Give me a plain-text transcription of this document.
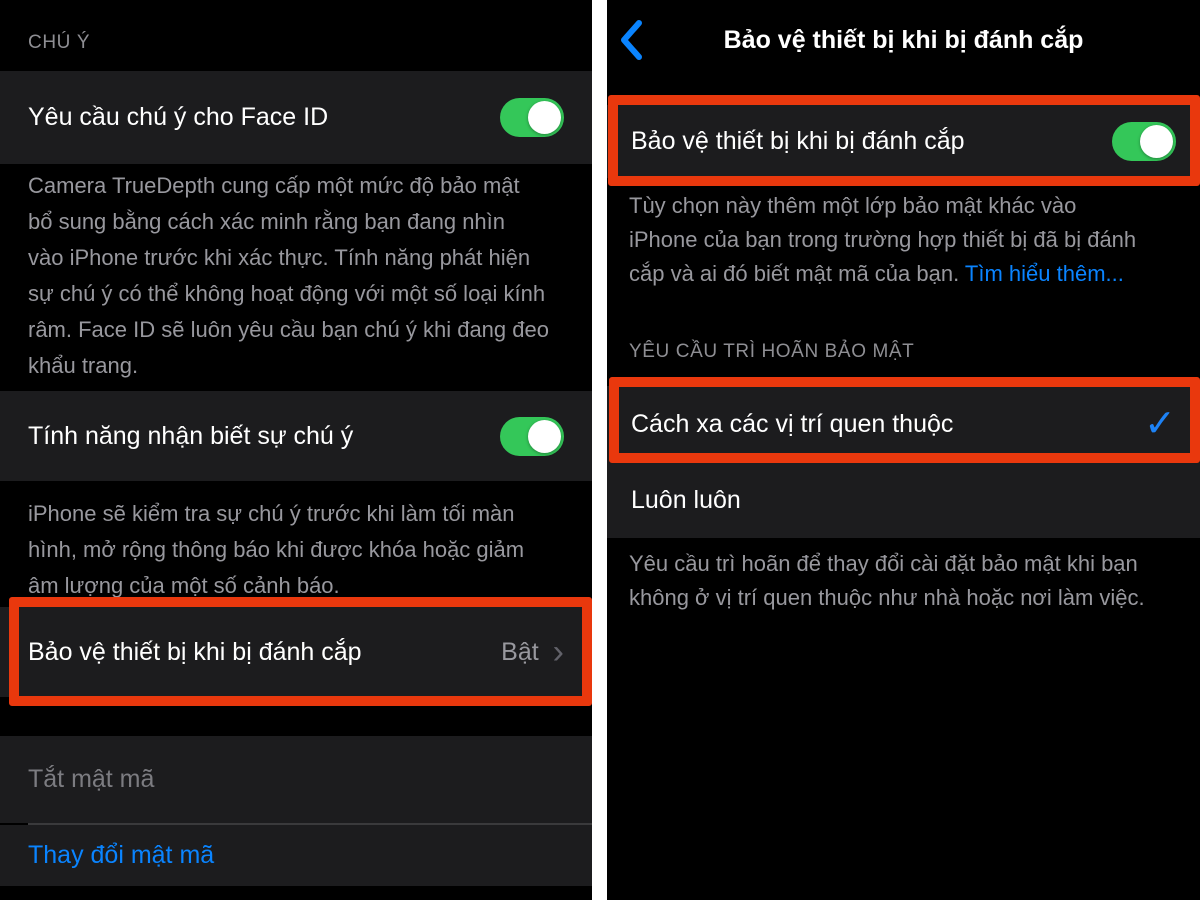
CHÚ Ý
Yêu cầu chú ý cho Face ID
Camera TrueDepth cung cấp một mức độ bảo mật
bổ sung bằng cách xác minh rằng bạn đang nhìn
vào iPhone trước khi xác thực. Tính năng phát hiện
sự chú ý có thể không hoạt động với một số loại kính
râm. Face ID sẽ luôn yêu cầu bạn chú ý khi đang đeo
khẩu trang.
Tính năng nhận biết sự chú ý
iPhone sẽ kiểm tra sự chú ý trước khi làm tối màn
hình, mở rộng thông báo khi được khóa hoặc giảm
âm lượng của một số cảnh báo.
Bảo vệ thiết bị khi bị đánh cắp	Bật ›
Tắt mật mã
Thay đổi mật mã
Bảo vệ thiết bị khi bị đánh cắp
Bảo vệ thiết bị khi bị đánh cắp
Tùy chọn này thêm một lớp bảo mật khác vào
iPhone của bạn trong trường hợp thiết bị đã bị đánh
cắp và ai đó biết mật mã của bạn. Tìm hiểu thêm...
YÊU CẦU TRÌ HOÃN BẢO MẬT
Cách xa các vị trí quen thuộc	✓
Luôn luôn
Yêu cầu trì hoãn để thay đổi cài đặt bảo mật khi bạn
không ở vị trí quen thuộc như nhà hoặc nơi làm việc.
